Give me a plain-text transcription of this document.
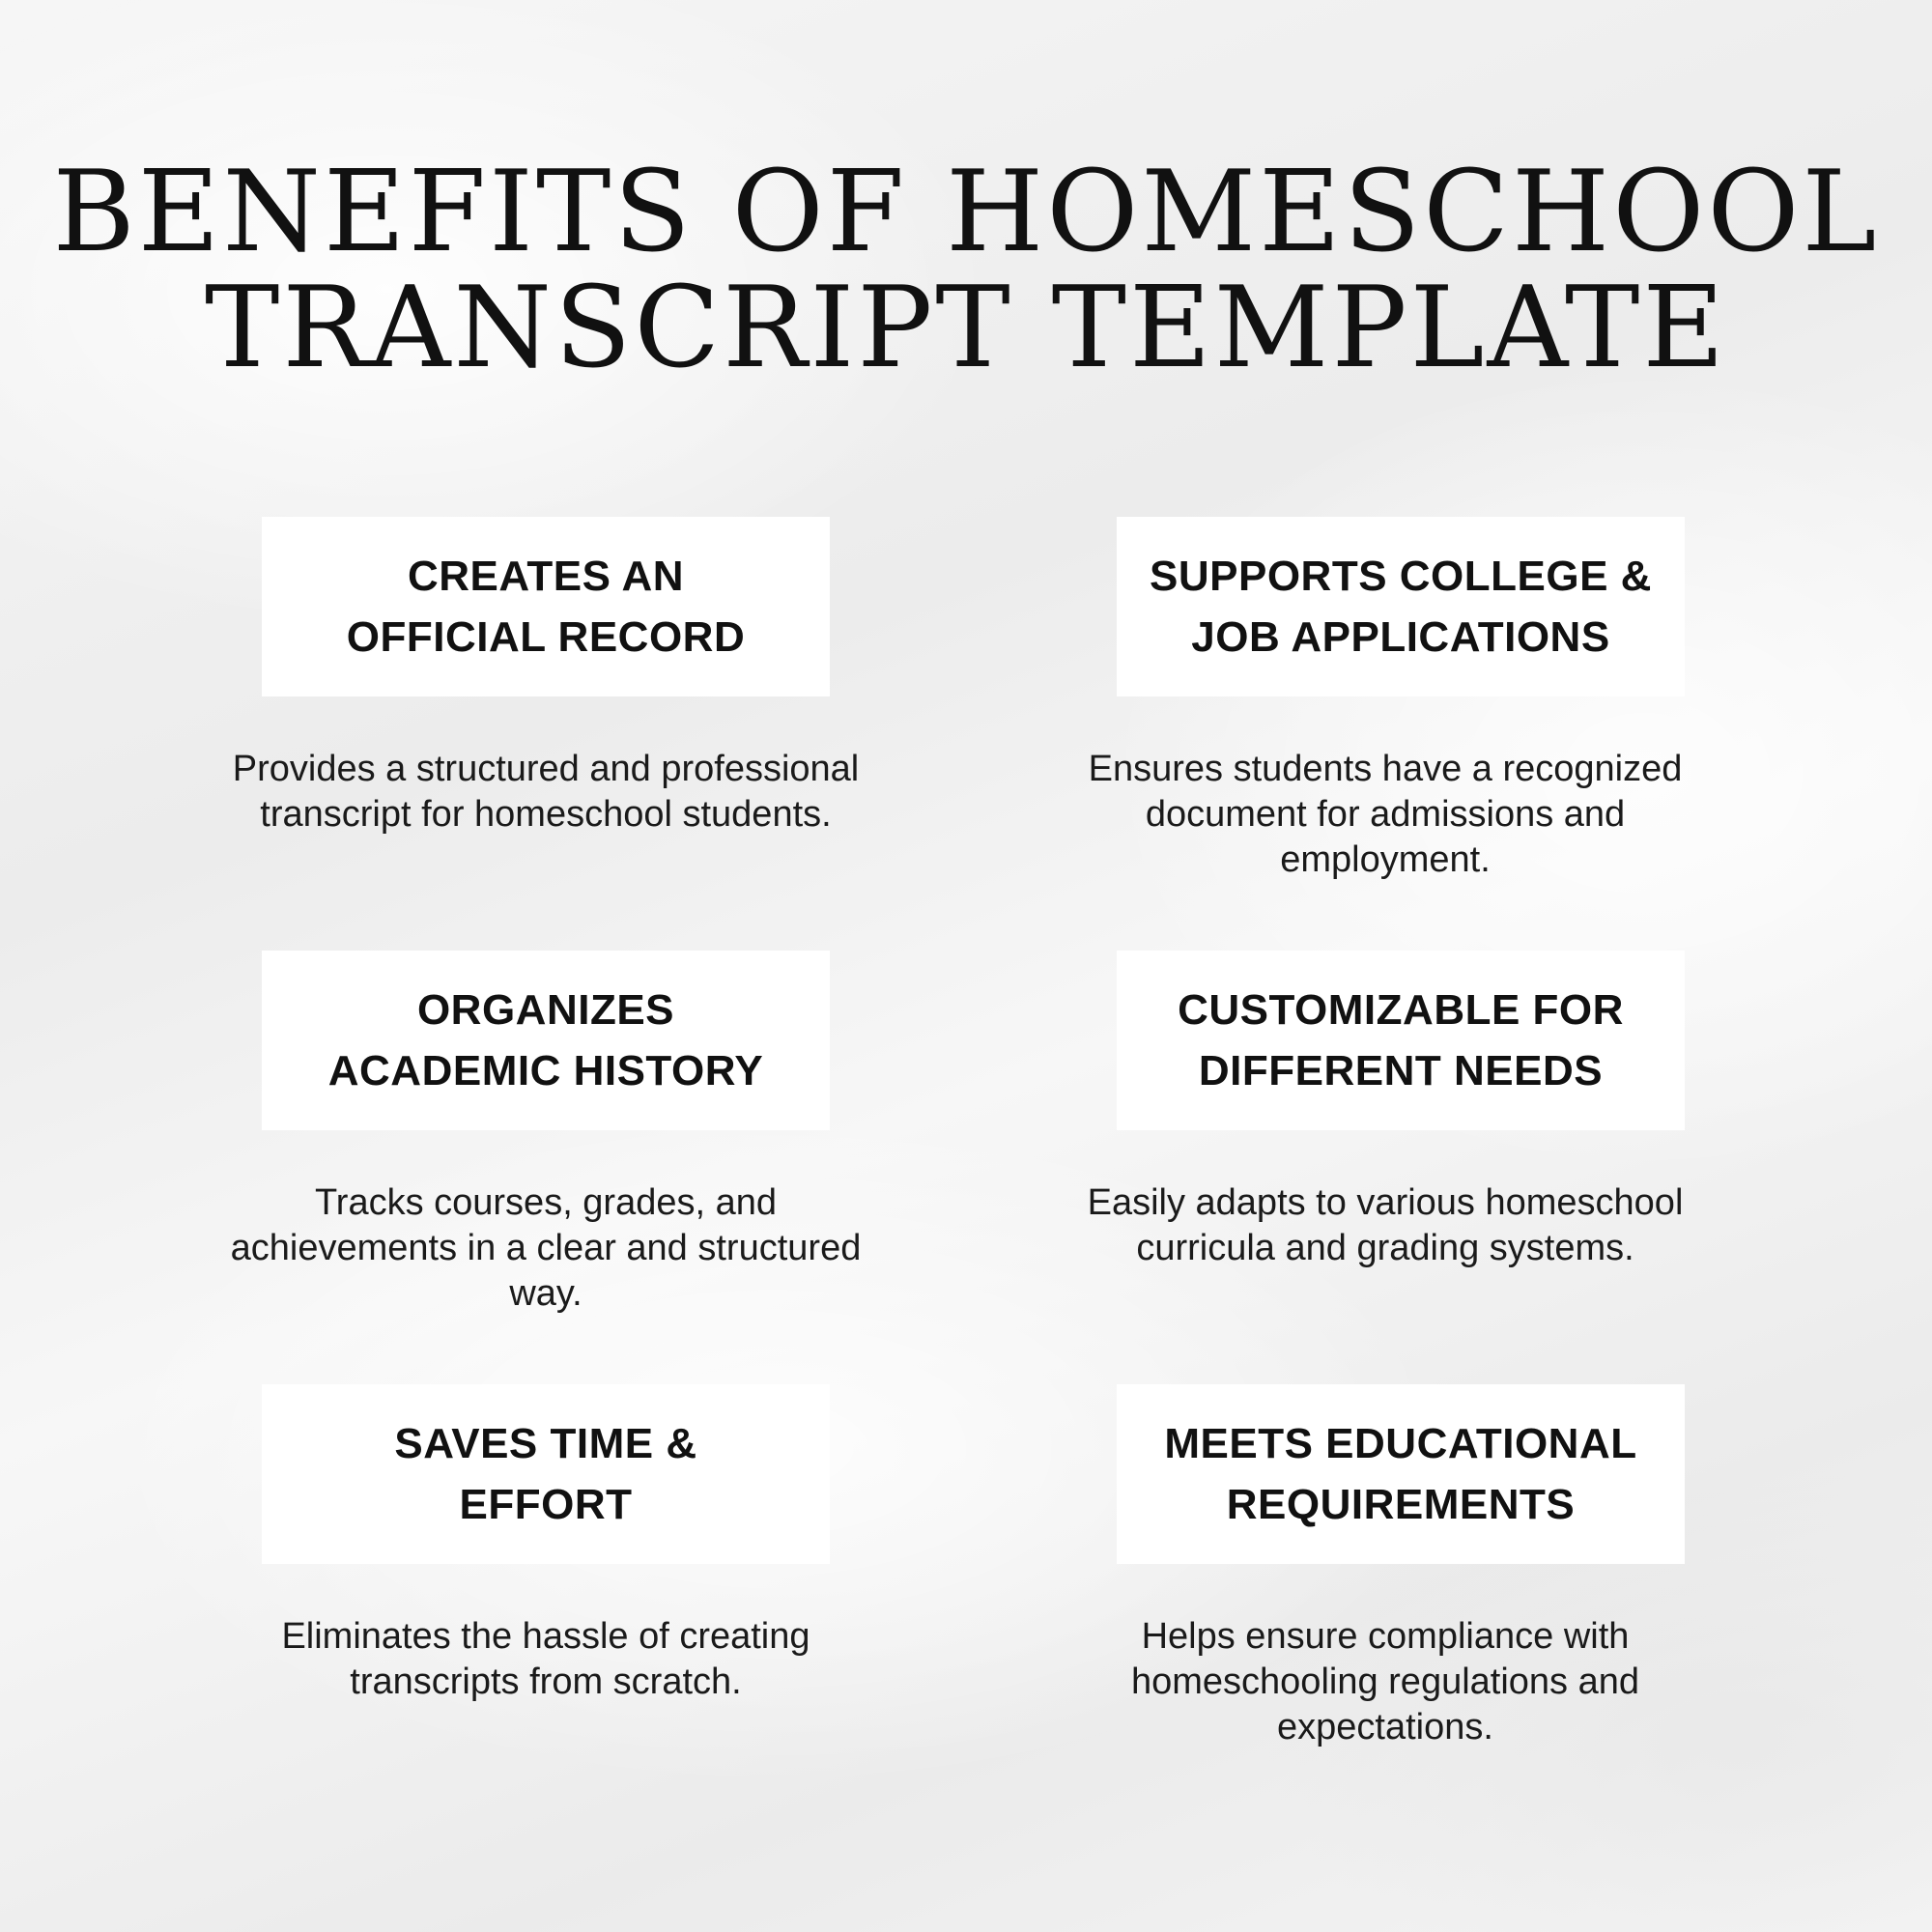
BENEFITS OF HOMESCHOOL
TRANSCRIPT TEMPLATE
CREATES AN
OFFICIAL RECORD

Provides a structured and professional
transcript for homeschool students.

SUPPORTS COLLEGE &
JOB APPLICATIONS

Ensures students have a recognized
document for admissions and
employment.

ORGANIZES
ACADEMIC HISTORY

Tracks courses, grades, and
achievements in a clear and structured
way.

CUSTOMIZABLE FOR
DIFFERENT NEEDS

Easily adapts to various homeschool
curricula and grading systems.

SAVES TIME &
EFFORT

Eliminates the hassle of creating
transcripts from scratch.

MEETS EDUCATIONAL
REQUIREMENTS

Helps ensure compliance with
homeschooling regulations and
expectations.
